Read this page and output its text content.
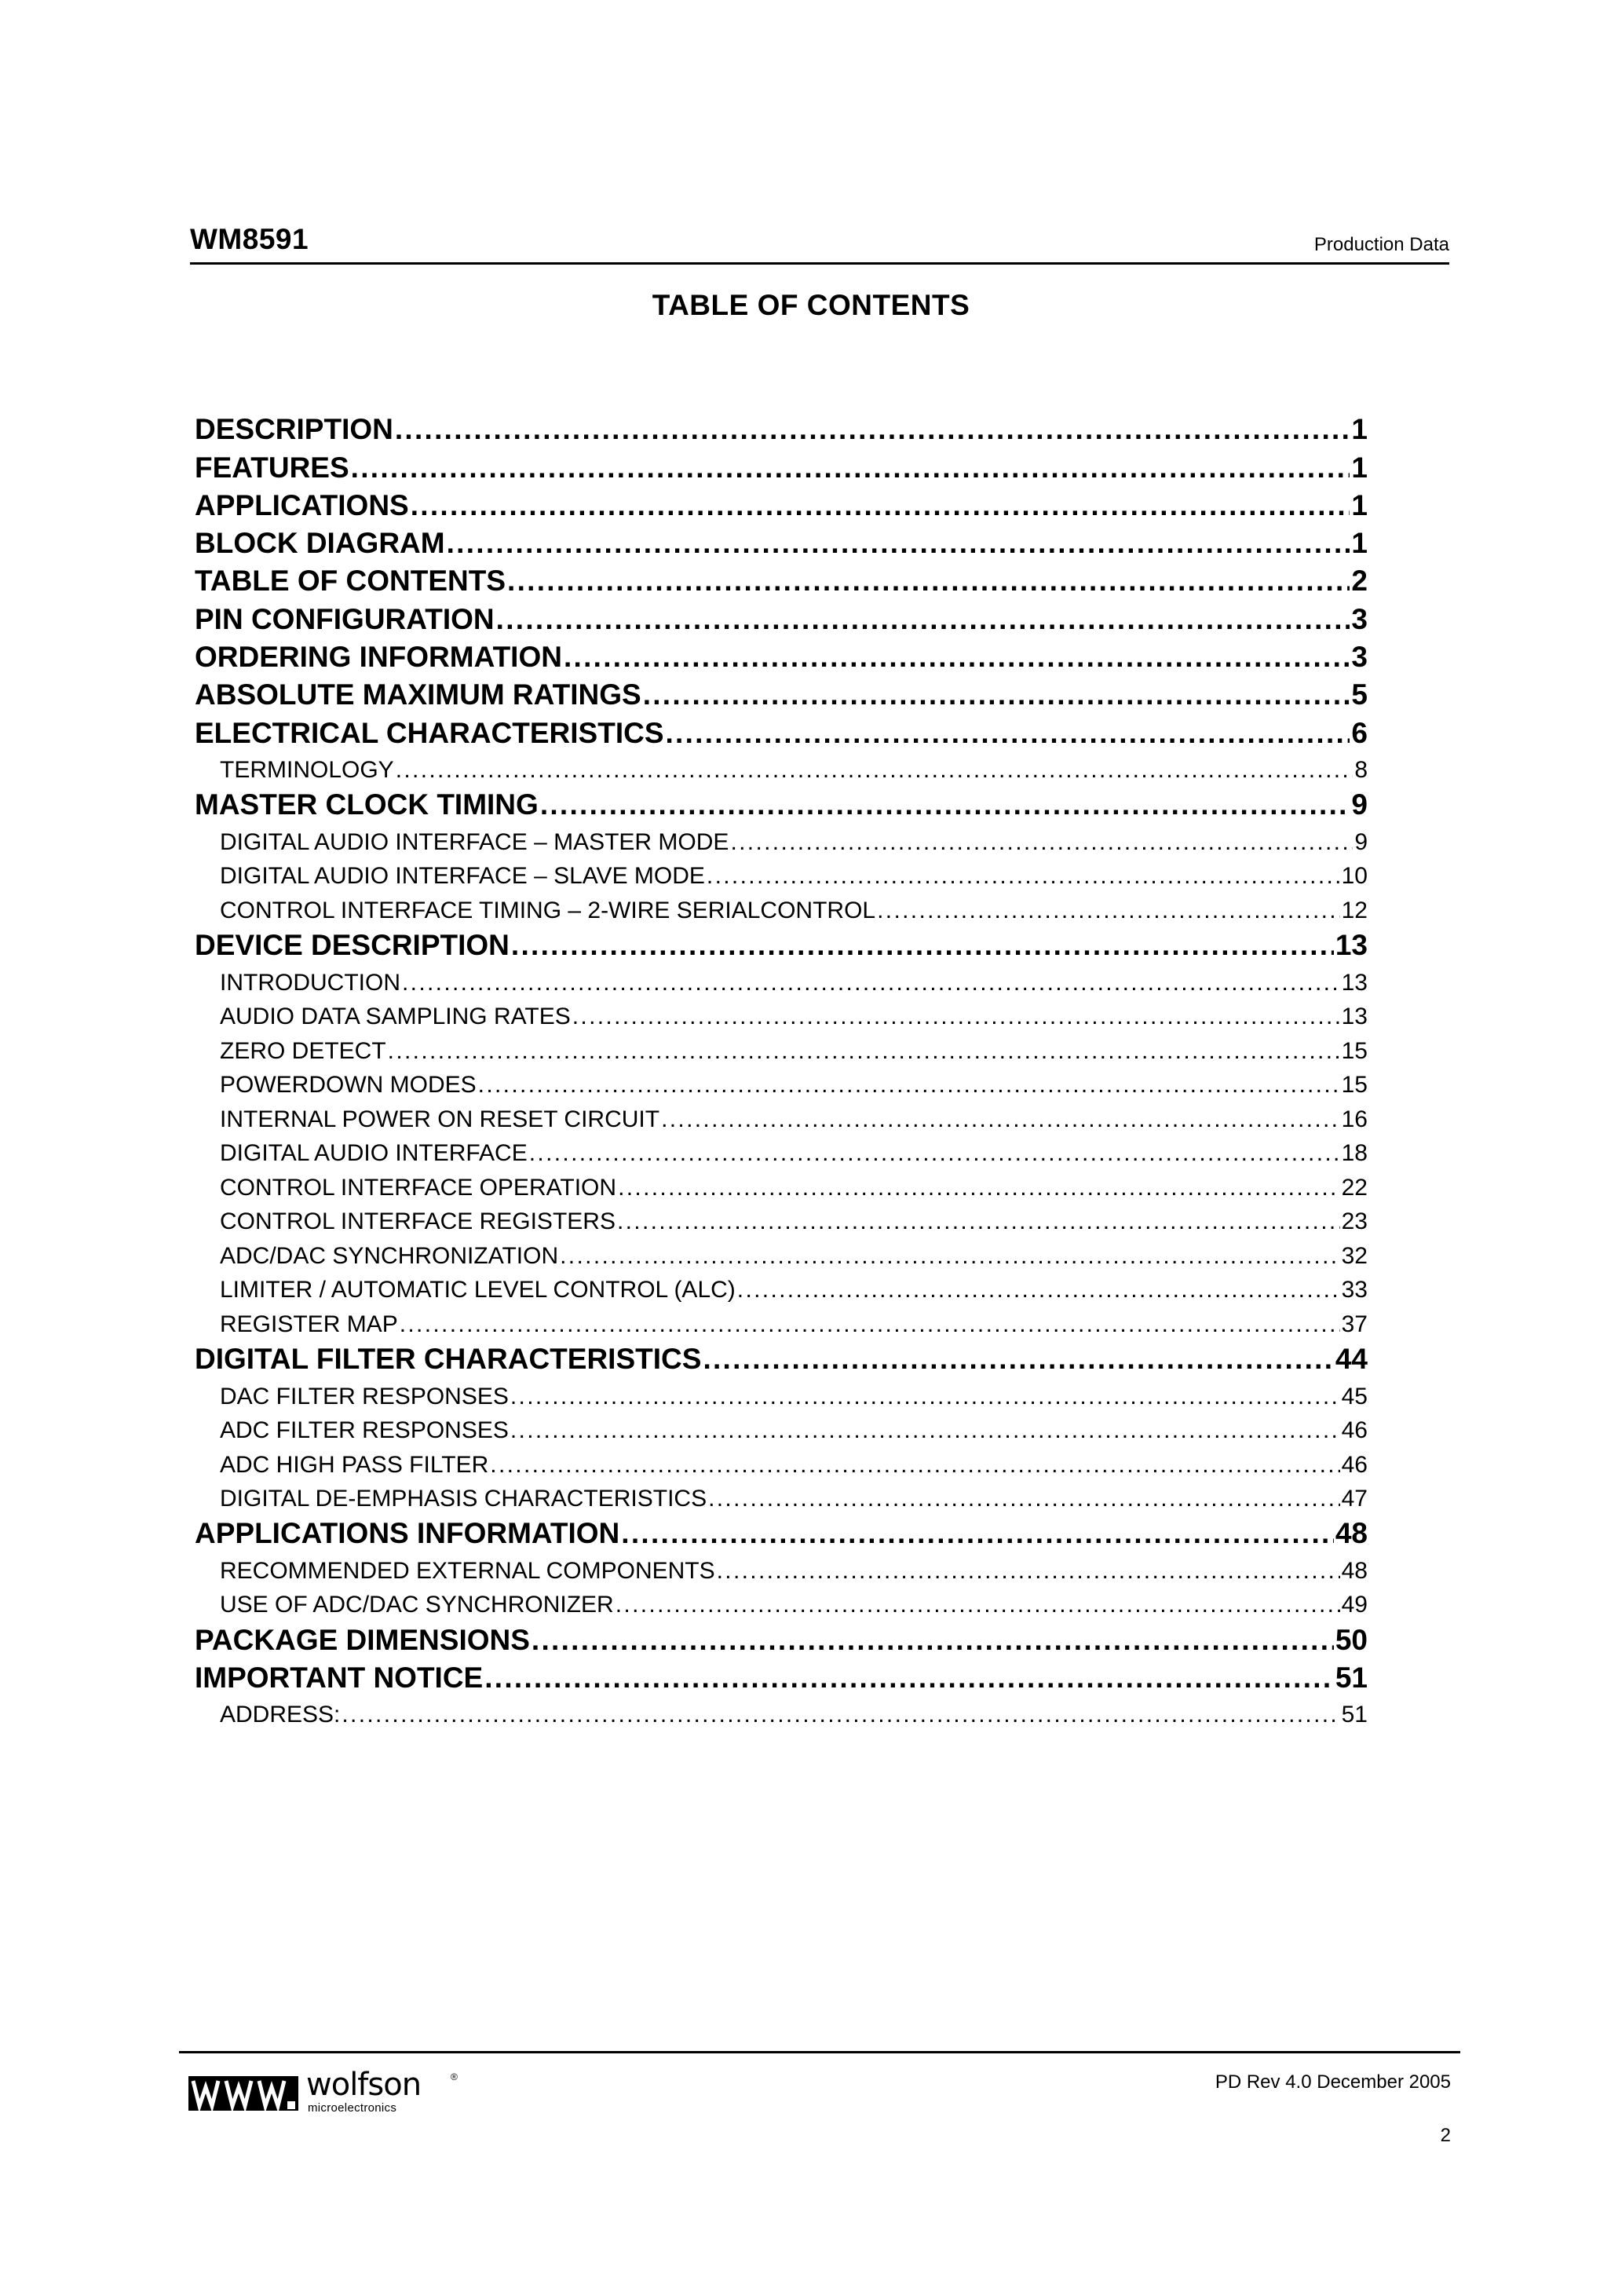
WM8591	Production Data
TABLE OF CONTENTS
DESCRIPTION . . .	1
FEATURES . . .	1
APPLICATIONS . . .	1
BLOCK DIAGRAM . . .	1
TABLE OF CONTENTS . . .	2
PIN CONFIGURATION . . .	3
ORDERING INFORMATION . . .	3
ABSOLUTE MAXIMUM RATINGS . . .	5
ELECTRICAL CHARACTERISTICS . . .	6
TERMINOLOGY . . .	8
MASTER CLOCK TIMING . . .	9
DIGITAL AUDIO INTERFACE – MASTER MODE . . .	9
DIGITAL AUDIO INTERFACE – SLAVE MODE . . .	10
CONTROL INTERFACE TIMING – 2-WIRE SERIALCONTROL . . .	12
DEVICE DESCRIPTION . . .	13
INTRODUCTION . . .	13
AUDIO DATA SAMPLING RATES . . .	13
ZERO DETECT . . .	15
POWERDOWN MODES . . .	15
INTERNAL POWER ON RESET CIRCUIT . . .	16
DIGITAL AUDIO INTERFACE . . .	18
CONTROL INTERFACE OPERATION . . .	22
CONTROL INTERFACE REGISTERS . . .	23
ADC/DAC SYNCHRONIZATION . . .	32
LIMITER / AUTOMATIC LEVEL CONTROL (ALC) . . .	33
REGISTER MAP . . .	37
DIGITAL FILTER CHARACTERISTICS . . .	44
DAC FILTER RESPONSES . . .	45
ADC FILTER RESPONSES . . .	46
ADC HIGH PASS FILTER . . .	46
DIGITAL DE-EMPHASIS CHARACTERISTICS . . .	47
APPLICATIONS INFORMATION . . .	48
RECOMMENDED EXTERNAL COMPONENTS . . .	48
USE OF ADC/DAC SYNCHRONIZER . . .	49
PACKAGE DIMENSIONS . . .	50
IMPORTANT NOTICE . . .	51
ADDRESS: . . .	51
wolfson	®
microelectronics
PD Rev 4.0 December 2005
2
